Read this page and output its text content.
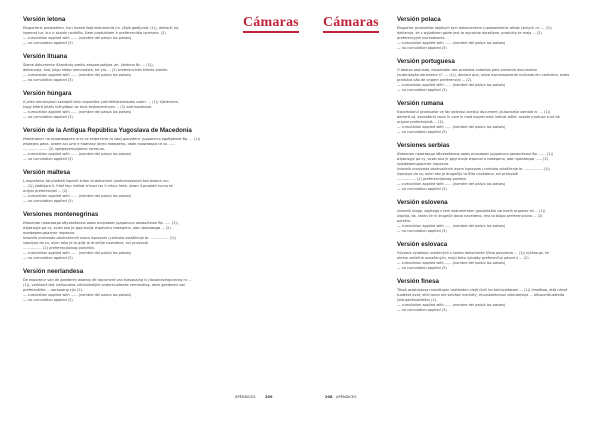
Cámaras Cámaras
Versión letona
Eksporteris produktiem, kuri izvesti šajā dokumentā (m. (šajā gadījumā. (1)), deklarē, ka,
izņemot tur, kur ir skaidri norādīts, šiem produktiem ir preferenciāla izcelsme. (2)
— cumulation applied with ...... (nombre del país/o los países)
— no cumulation applied (3)
Versión lituana
Šiame dokumente išvardintų prekių eksportuotojas (m. (leidimo Nr. ... (1)),
deklaruoja, kad, jeigu kitaip nenurodyta, tai yra ... (2) preferencinės kilmės prekės.
— cumulation applied with ...... (nombre del país/o los países)
— no cumulation applied (3)
Versión húngara
A jelen okmányban szereplő áruk exportőre (vámfelhatalmazási szám: ... (1)) kijelentem,
hogy eltérő jelzés hiányában az áruk kedvezményes ... (2) származásúak.
— cumulation applied with ...... (nombre del país/o los países)
— no cumulation applied (3)
Versión de la Antigua República Yugoslava de Macedonia
Извозникот на производите што се опфатени со овој документ (царинско одобрение бр. ... (1))
изјавува дека, освен кај што е поинаку јасно наведено, овие производи се со ......
...................... (2) преференцијално потекло.
— cumulation applied with ...... (nombre del país/o los países)
— no cumulation applied (3)
Versión maltesa
L-esportatur tal-prodotti koperti b'dan id-dokument (awtorizzazzjoni tad-dwana nru.
... (1)) jiddikjara li, ħlief fejn indikat b'mod ċar li mhux hekk, dawn il-prodotti huma ta'
oriġini preferenzjali ... (2).
— cumulation applied with ...... (nombre del país/o los países)
— no cumulation applied (3)
Versiones montenegrinas
Извозник производа обухваћених овом исправом (царинско овлашћење бр. ..... (1))
изјављује да су, осим ако је другачије изричито наведено, ови производи ... (2)
преференцијалног порекла.
Izvoznik proizvoda obuhvaćenih ovom ispravom (carinsko ovlašćenje br. ................ (1))
izjavljuje da su, osim tako je to gdje je drukčije navedeno, ovi proizvodi
................. (2) preferencijalnog porijekla.
— cumulation applied with ...... (nombre del país/o los países)
— no cumulation applied (3)
Versión neerlandesa
De exporteur van de goederen waarop dit document van toepassing is (douanevergunning nr. ...
(1)), verklaart dat, behoudens uitdrukkelijke andersluidende vermelding, deze goederen van
preferentiële ... oorsprong zijn (2).
— cumulation applied with ...... (nombre del país/o los países)
— no cumulation applied (3)
Versión polaca
Eksporter produktów objętych tym dokumentem (upoważnienie władz celnych nr. ... (1))
deklaruje, że z wyjątkiem gdzie jest to wyraźnie określone, produkty te mają ... (2)
preferencyjne pochodzenie.
— cumulation applied with ...... (nombre del país/o los países)
— no cumulation applied (3)
Versión portuguesa
O abaixo assinado, exportador dos produtos cobertos pelo presente documento
(autorização aduaneira n°. ... (1)), declara que, salvo expressamente indicado em contrário, estes
produtos são de origem preferencial ... (2).
— cumulation applied with ...... (nombre del país/o los países)
— no cumulation applied (3)
Versión rumana
Exportatorul produselor ce fac obiectul acestui document (autorizația vamală nr. ... (1))
declară că, exceptând cazul în care în mod expres este indicat altfel, aceste produse sunt de
origine preferențială ... (2).
— cumulation applied with ...... (nombre del país/o los países)
— no cumulation applied (3)
Versiones serbias
Извозник производа обухваћених овом исправом (царинско овлашћење бр. ...... (1))
изјављује да су, осим ако је другачије изричито наведено, ови производи ...... (2)
преференцијалног порекла.
Izvoznik proizvoda obuhvaćenih ovom ispravom (carinsko ovlašćenje br. ................ (1))
izjavljuje da su, osim ako je drugačije izričito navedeno, ovi proizvodi
................. (2) preferencijalnog porekla.
— cumulation applied with ...... (nombre del país/o los países)
— no cumulation applied (3)
Versión eslovena
Izvoznik blaga, zajetega s tem dokumentom (pooblastilo carinskih organov ali ... (1))
izjavlja, da, razen če ni drugače jasno navedeno, ima to blago preferencialno ... (2)
poreklo.
— cumulation applied with ...... (nombre del país/o los países)
— no cumulation applied (3)
Versión eslovaca
Vývozca výrobkov uvedených v tomto dokumente (číslo povolenia ... (1)) vyhlasuje, že
okrem zreteľne označených, majú tieto výrobky preferenčný pôvod v ... (2).
— cumulation applied with ...... (nombre del país/o los países)
— no cumulation applied (3)
Versión finesa
Tässä asiakirjassa mainittujen tuotteiden viejä (tulli tai toimivaltaisen ... (1)) ilmoittaa, että nämä
tuotteet ovat, ellei toisin ole selvästi merkitty, etuuskohteluun oikeutettuja ... alkuperätuotteita
(alkuperätuotteita) (2).
— cumulation applied with ...... (nombre del país/o los países)
— no cumulation applied (3)
APÉNDICES	209	208 APÉNDICES
